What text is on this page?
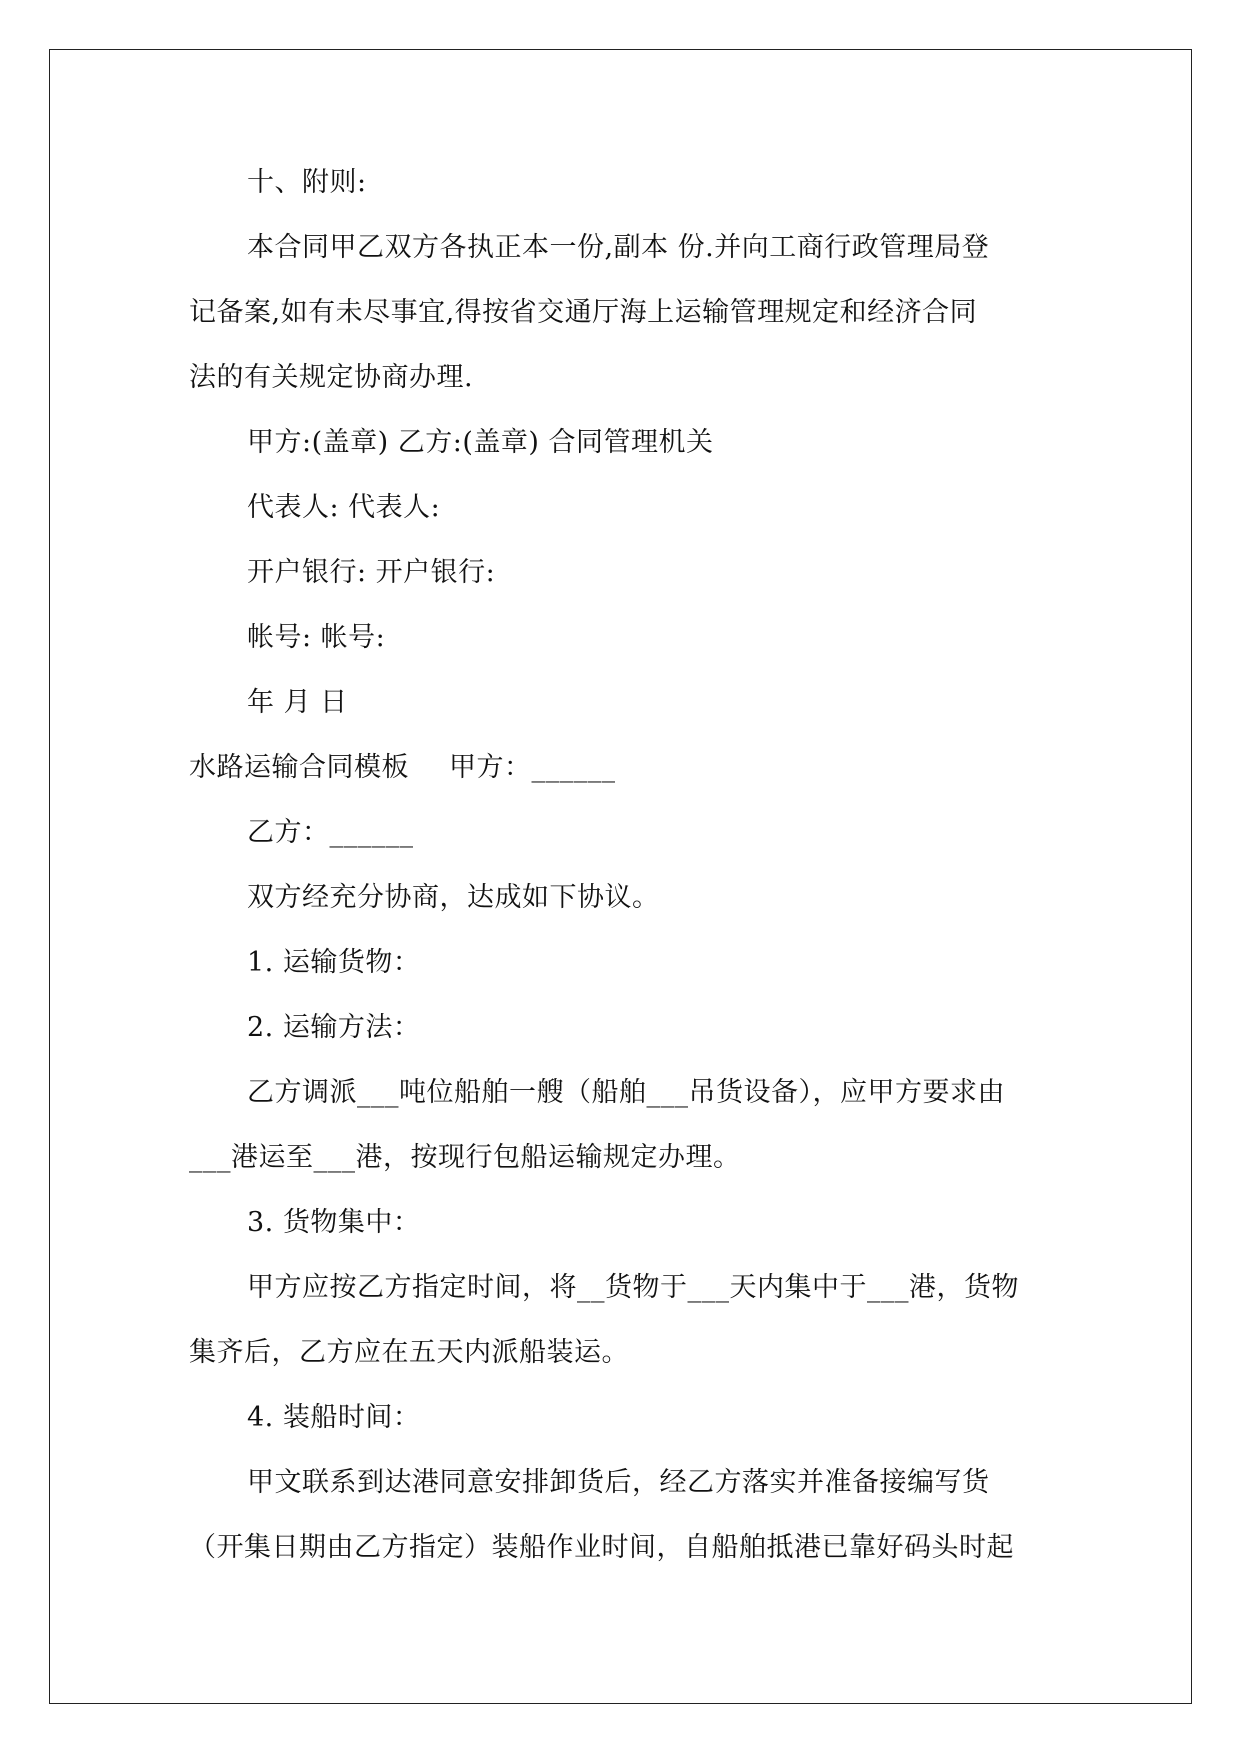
十、附则:
本合同甲乙双方各执正本一份,副本 份.并向工商行政管理局登
记备案,如有未尽事宜,得按省交通厅海上运输管理规定和经济合同
法的有关规定协商办理.
甲方:(盖章) 乙方:(盖章) 合同管理机关
代表人: 代表人:
开户银行: 开户银行:
帐号: 帐号:
年 月 日
水路运输合同模板 甲方：______
乙方：______
双方经充分协商，达成如下协议。
1. 运输货物：
2. 运输方法：
乙方调派___吨位船舶一艘（船舶___吊货设备），应甲方要求由
___港运至___港，按现行包船运输规定办理。
3. 货物集中：
甲方应按乙方指定时间，将__货物于___天内集中于___港，货物
集齐后，乙方应在五天内派船装运。
4. 装船时间：
甲文联系到达港同意安排卸货后，经乙方落实并准备接编写货
（开集日期由乙方指定）装船作业时间，自船舶抵港已靠好码头时起
